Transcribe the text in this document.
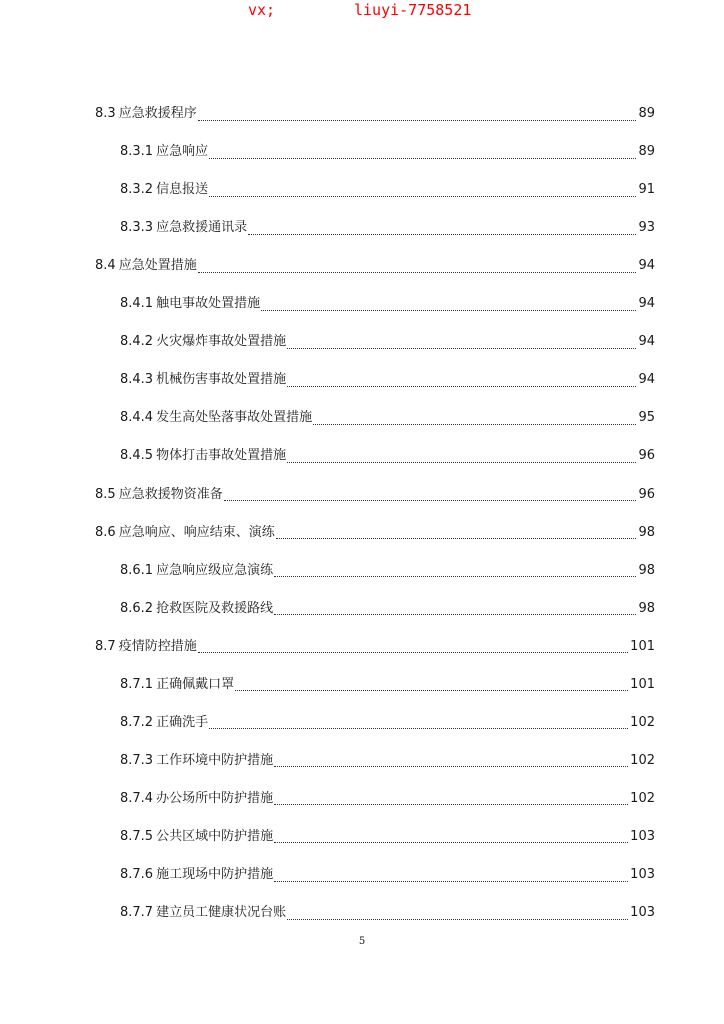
vx;	liuyi-7758521
8.3 应急救援程序	89
8.3.1 应急响应	89
8.3.2 信息报送	91
8.3.3 应急救援通讯录	93
8.4 应急处置措施	94
8.4.1 触电事故处置措施	94
8.4.2 火灾爆炸事故处置措施	94
8.4.3 机械伤害事故处置措施	94
8.4.4 发生高处坠落事故处置措施	95
8.4.5 物体打击事故处置措施	96
8.5 应急救援物资准备	96
8.6 应急响应、响应结束、演练	98
8.6.1 应急响应级应急演练	98
8.6.2 抢救医院及救援路线	98
8.7 疫情防控措施	101
8.7.1 正确佩戴口罩	101
8.7.2 正确洗手	102
8.7.3 工作环境中防护措施	102
8.7.4 办公场所中防护措施	102
8.7.5 公共区域中防护措施	103
8.7.6 施工现场中防护措施	103
8.7.7 建立员工健康状况台账	103
5
